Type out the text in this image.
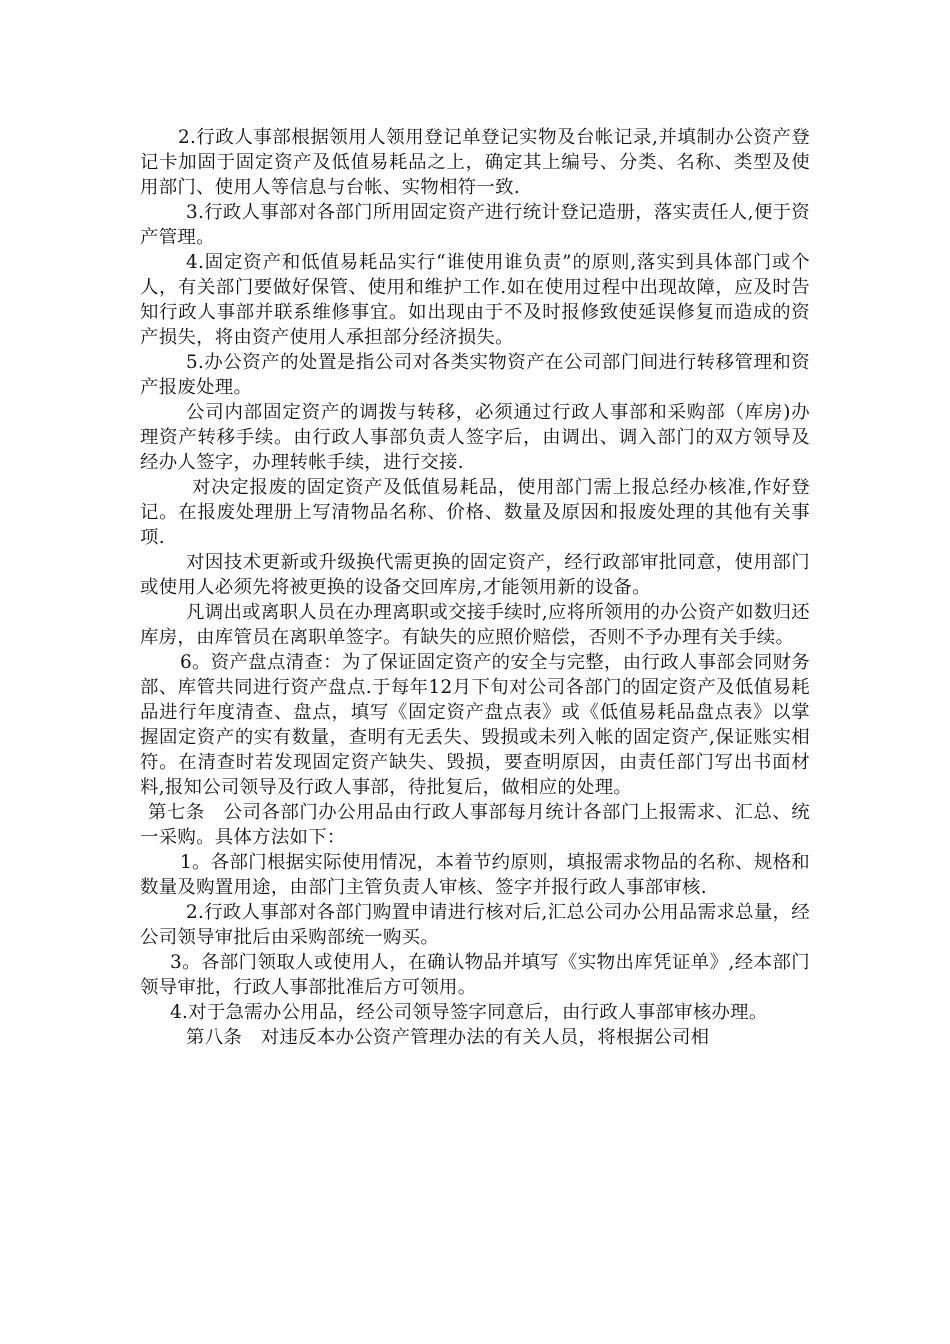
2.行政人事部根据领用人领用登记单登记实物及台帐记录,并填制办公资产登记卡加固于固定资产及低值易耗品之上，确定其上编号、分类、名称、类型及使用部门、使用人等信息与台帐、实物相符一致.

3.行政人事部对各部门所用固定资产进行统计登记造册，落实责任人,便于资产管理。

4.固定资产和低值易耗品实行“谁使用谁负责”的原则,落实到具体部门或个人，有关部门要做好保管、使用和维护工作.如在使用过程中出现故障，应及时告知行政人事部并联系维修事宜。如出现由于不及时报修致使延误修复而造成的资产损失，将由资产使用人承担部分经济损失。

5.办公资产的处置是指公司对各类实物资产在公司部门间进行转移管理和资产报废处理。

公司内部固定资产的调拨与转移，必须通过行政人事部和采购部（库房)办理资产转移手续。由行政人事部负责人签字后，由调出、调入部门的双方领导及经办人签字，办理转帐手续，进行交接.

对决定报废的固定资产及低值易耗品，使用部门需上报总经办核准,作好登记。在报废处理册上写清物品名称、价格、数量及原因和报废处理的其他有关事项.

对因技术更新或升级换代需更换的固定资产，经行政部审批同意，使用部门或使用人必须先将被更换的设备交回库房,才能领用新的设备。

凡调出或离职人员在办理离职或交接手续时,应将所领用的办公资产如数归还库房，由库管员在离职单签字。有缺失的应照价赔偿，否则不予办理有关手续。

6。资产盘点清查：为了保证固定资产的安全与完整，由行政人事部会同财务部、库管共同进行资产盘点.于每年12月下旬对公司各部门的固定资产及低值易耗品进行年度清查、盘点，填写《固定资产盘点表》或《低值易耗品盘点表》以掌握固定资产的实有数量，查明有无丢失、毁损或未列入帐的固定资产,保证账实相符。在清查时若发现固定资产缺失、毁损，要查明原因，由责任部门写出书面材料,报知公司领导及行政人事部，待批复后，做相应的处理。

第七条　公司各部门办公用品由行政人事部每月统计各部门上报需求、汇总、统一采购。具体方法如下：

1。各部门根据实际使用情况，本着节约原则，填报需求物品的名称、规格和数量及购置用途，由部门主管负责人审核、签字并报行政人事部审核.

2.行政人事部对各部门购置申请进行核对后,汇总公司办公用品需求总量，经公司领导审批后由采购部统一购买。

3。各部门领取人或使用人，在确认物品并填写《实物出库凭证单》,经本部门领导审批，行政人事部批准后方可领用。

4.对于急需办公用品，经公司领导签字同意后，由行政人事部审核办理。

第八条　对违反本办公资产管理办法的有关人员，将根据公司相
